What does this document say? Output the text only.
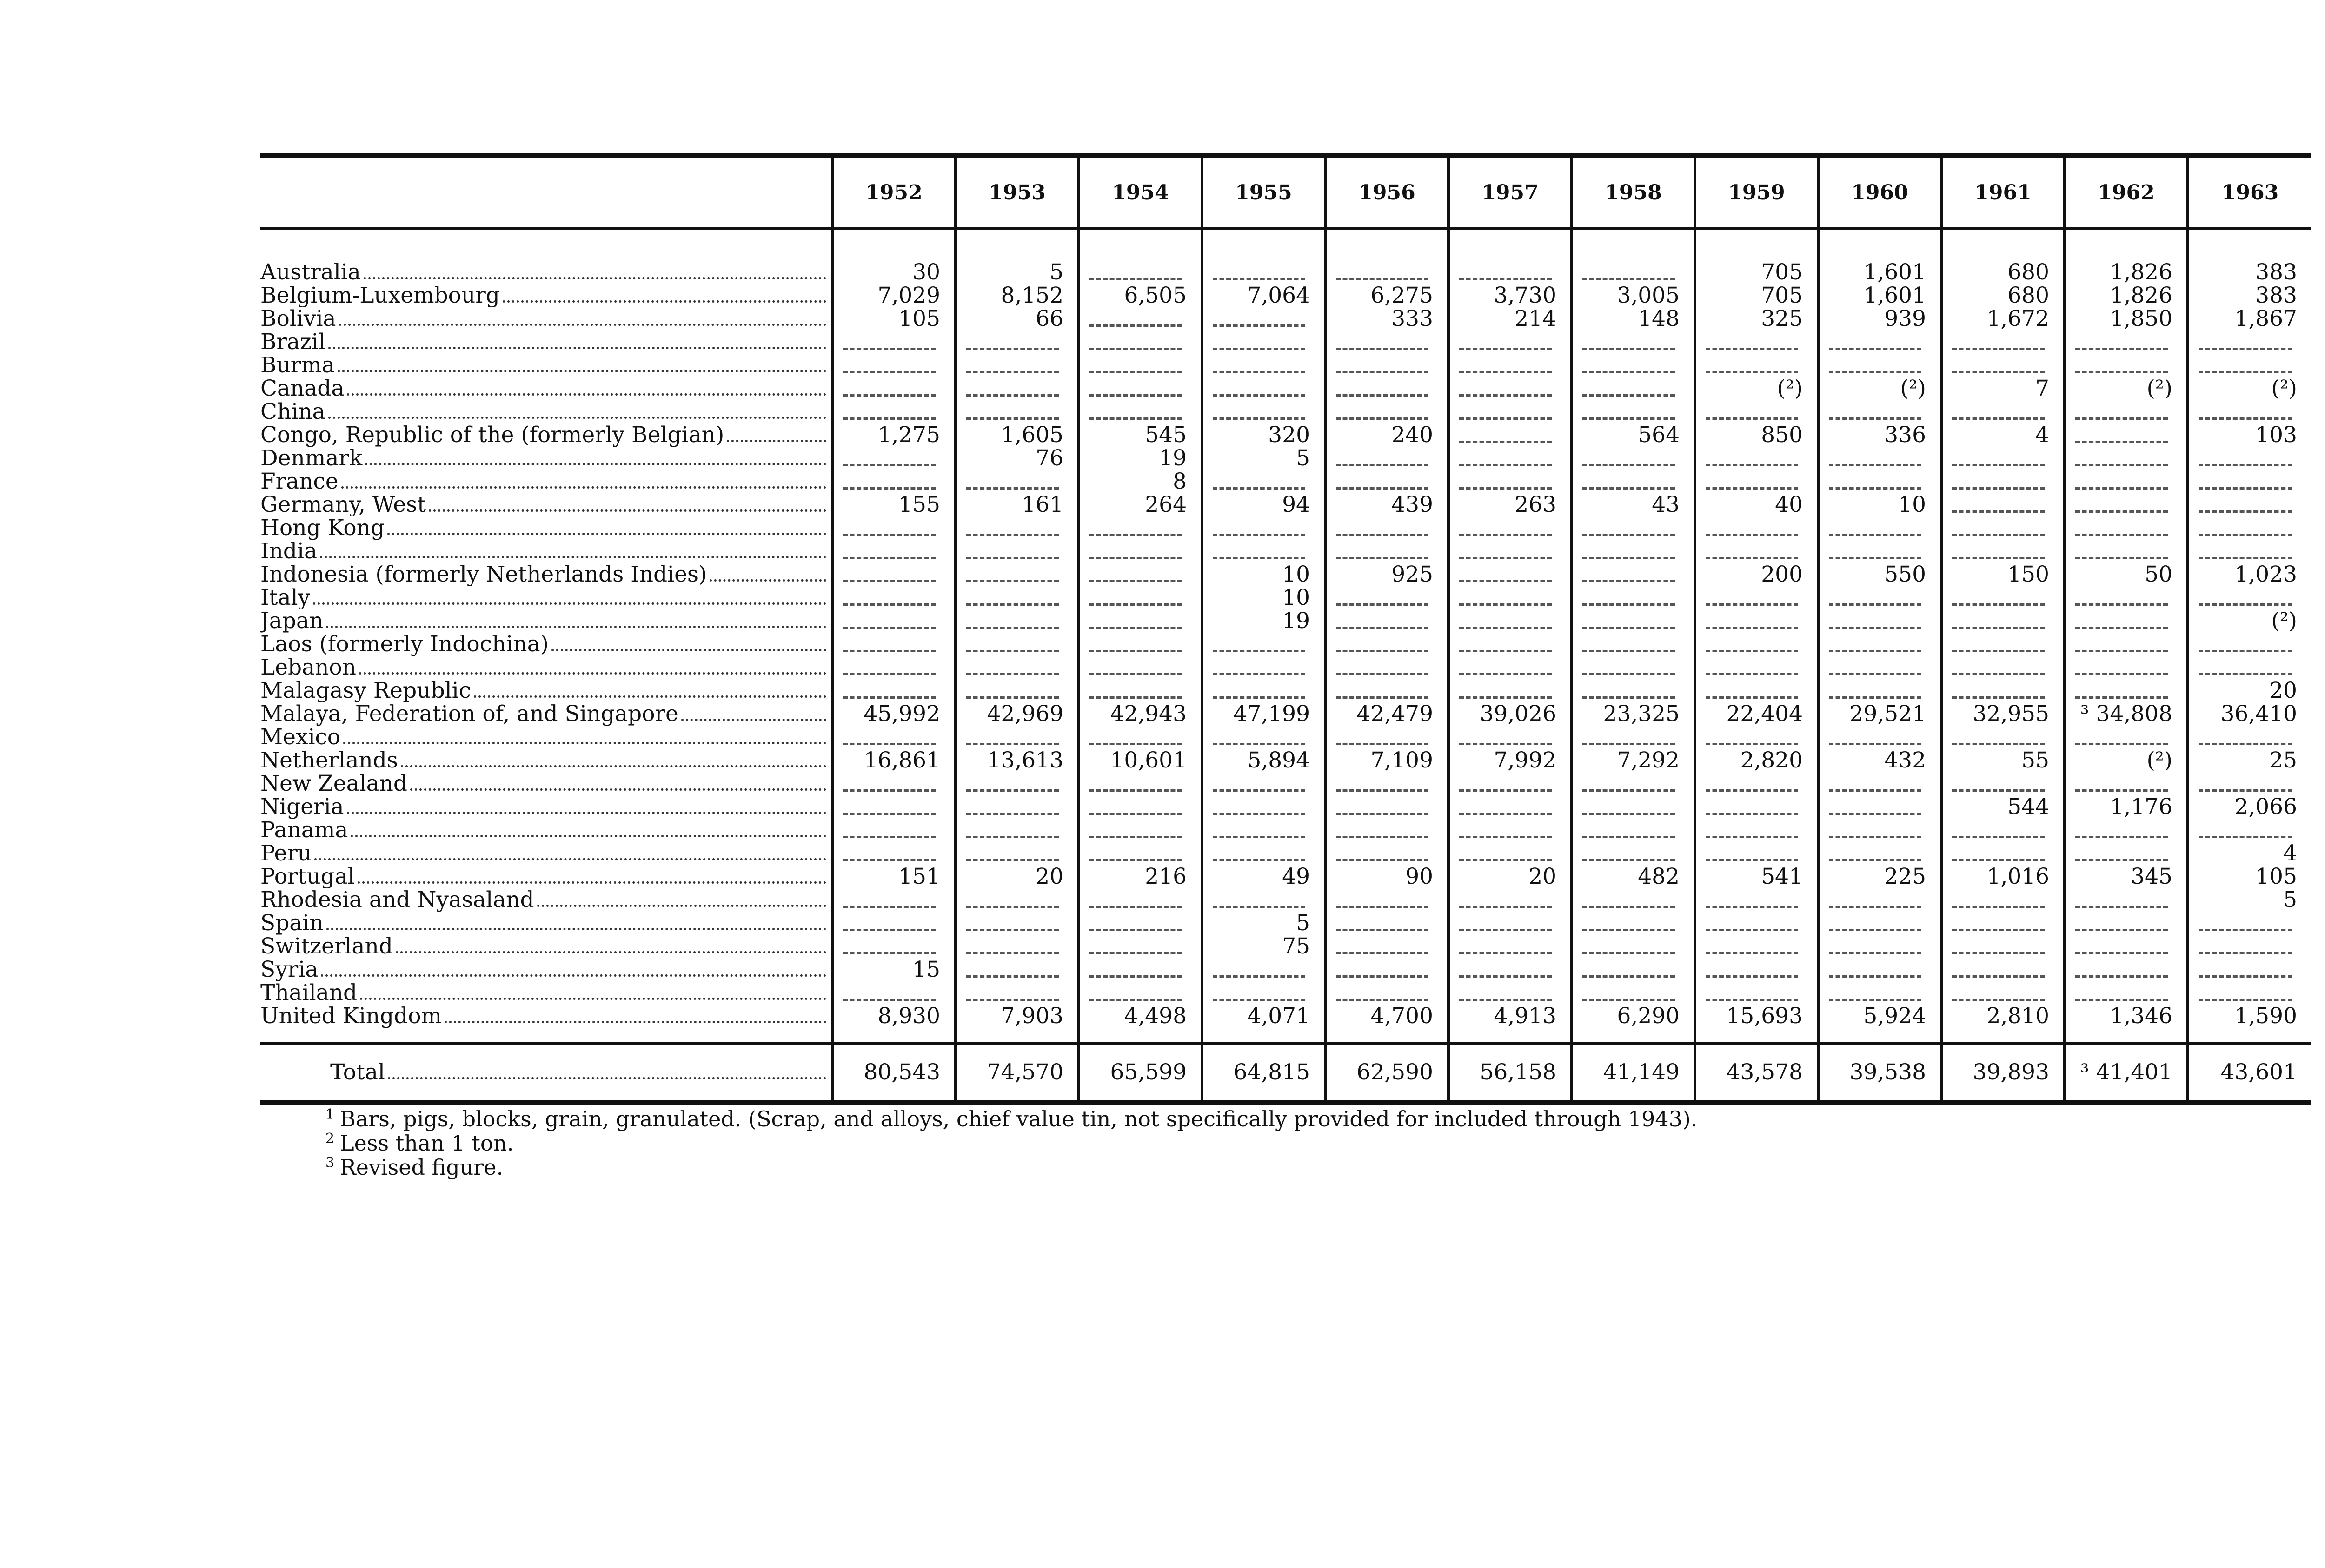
	1952	1953	1954	1955	1956	1957	1958	1959	1960	1961	1962	1963

Australia	30	5						705	1,601	680	1,826	383

Belgium-Luxembourg	7,029	8,152	6,505	7,064	6,275	3,730	3,005	705	1,601	680	1,826	383

Bolivia	105	66			333	214	148	325	939	1,672	1,850	1,867

Brazil												

Burma												

Canada								(²)	(²)	7	(²)	(²)

China												

Congo, Republic of the (formerly Belgian)	1,275	1,605	545	320	240		564	850	336	4		103

Denmark		76	19	5	

France			8	

Germany, West	155	161	264	94	439	263	43	40	10	

Hong Kong												

India												

Indonesia (formerly Netherlands Indies)				10	925			200	550	150	50	1,023

Italy				10	

Japan				19								(²)

Laos (formerly Indochina)												

Lebanon												

Malagasy Republic												20

Malaya, Federation of, and Singapore	45,992	42,969	42,943	47,199	42,479	39,026	23,325	22,404	29,521	32,955	³ 34,808	36,410

Mexico												

Netherlands	16,861	13,613	10,601	5,894	7,109	7,992	7,292	2,820	432	55	(²)	25

New Zealand												

Nigeria										544	1,176	2,066

Panama												

Peru												4

Portugal	151	20	216	49	90	20	482	541	225	1,016	345	105

Rhodesia and Nyasaland												5

Spain				5	

Switzerland				75	

Syria	15	

Thailand												

United Kingdom	8,930	7,903	4,498	4,071	4,700	4,913	6,290	15,693	5,924	2,810	1,346	1,590

Total	80,543	74,570	65,599	64,815	62,590	56,158	41,149	43,578	39,538	39,893	³ 41,401	43,601
$^1$ Bars, pigs, blocks, grain, granulated. (Scrap, and alloys, chief value tin, not specifically provided for included through 1943).
$^2$ Less than 1 ton.
$^3$ Revised figure.
